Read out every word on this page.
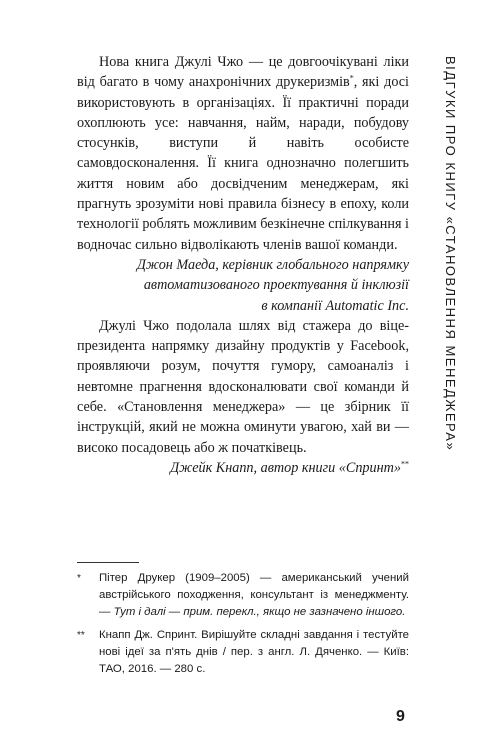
ВІДГУКИ ПРО КНИГУ «СТАНОВЛЕННЯ МЕНЕДЖЕРА»

Нова книга Джулі Чжо — це довгоочікувані ліки від багато в чому анахронічних друкеризмів*, які досі використовують в організаціях. Її практичні поради охоплюють усе: навчання, найм, наради, побудову стосунків, виступи й навіть особисте самовдосконалення. Її книга однозначно полегшить життя новим або досвідченим менеджерам, які прагнуть зрозуміти нові правила бізнесу в епоху, коли технології роблять можливим безкінечне спілкування і водночас сильно відволікають членів вашої команди.

Джон Маеда, керівник глобального напрямку
автоматизованого проектування й інклюзії
в компанії Automatic Inc.

Джулі Чжо подолала шлях від стажера до віце-президента напрямку дизайну продуктів у Facebook, проявляючи розум, почуття гумору, самоаналіз і невтомне прагнення вдосконалювати свої команди й себе. «Становлення менеджера» — це збірник її інструкцій, який не можна оминути увагою, хай ви — високо посадовець або ж початківець.

Джейк Кнапп, автор книги «Спринт»**

*	Пітер Друкер (1909–2005) — американський учений австрійського походження, консультант із менеджменту. — Тут і далі — прим. перекл., якщо не зазначено іншого.
**	Кнапп Дж. Спринт. Вирішуйте складні завдання і тестуйте нові ідеї за п'ять днів / пер. з англ. Л. Дяченко. — Київ: ТАО, 2016. — 280 с.
9
